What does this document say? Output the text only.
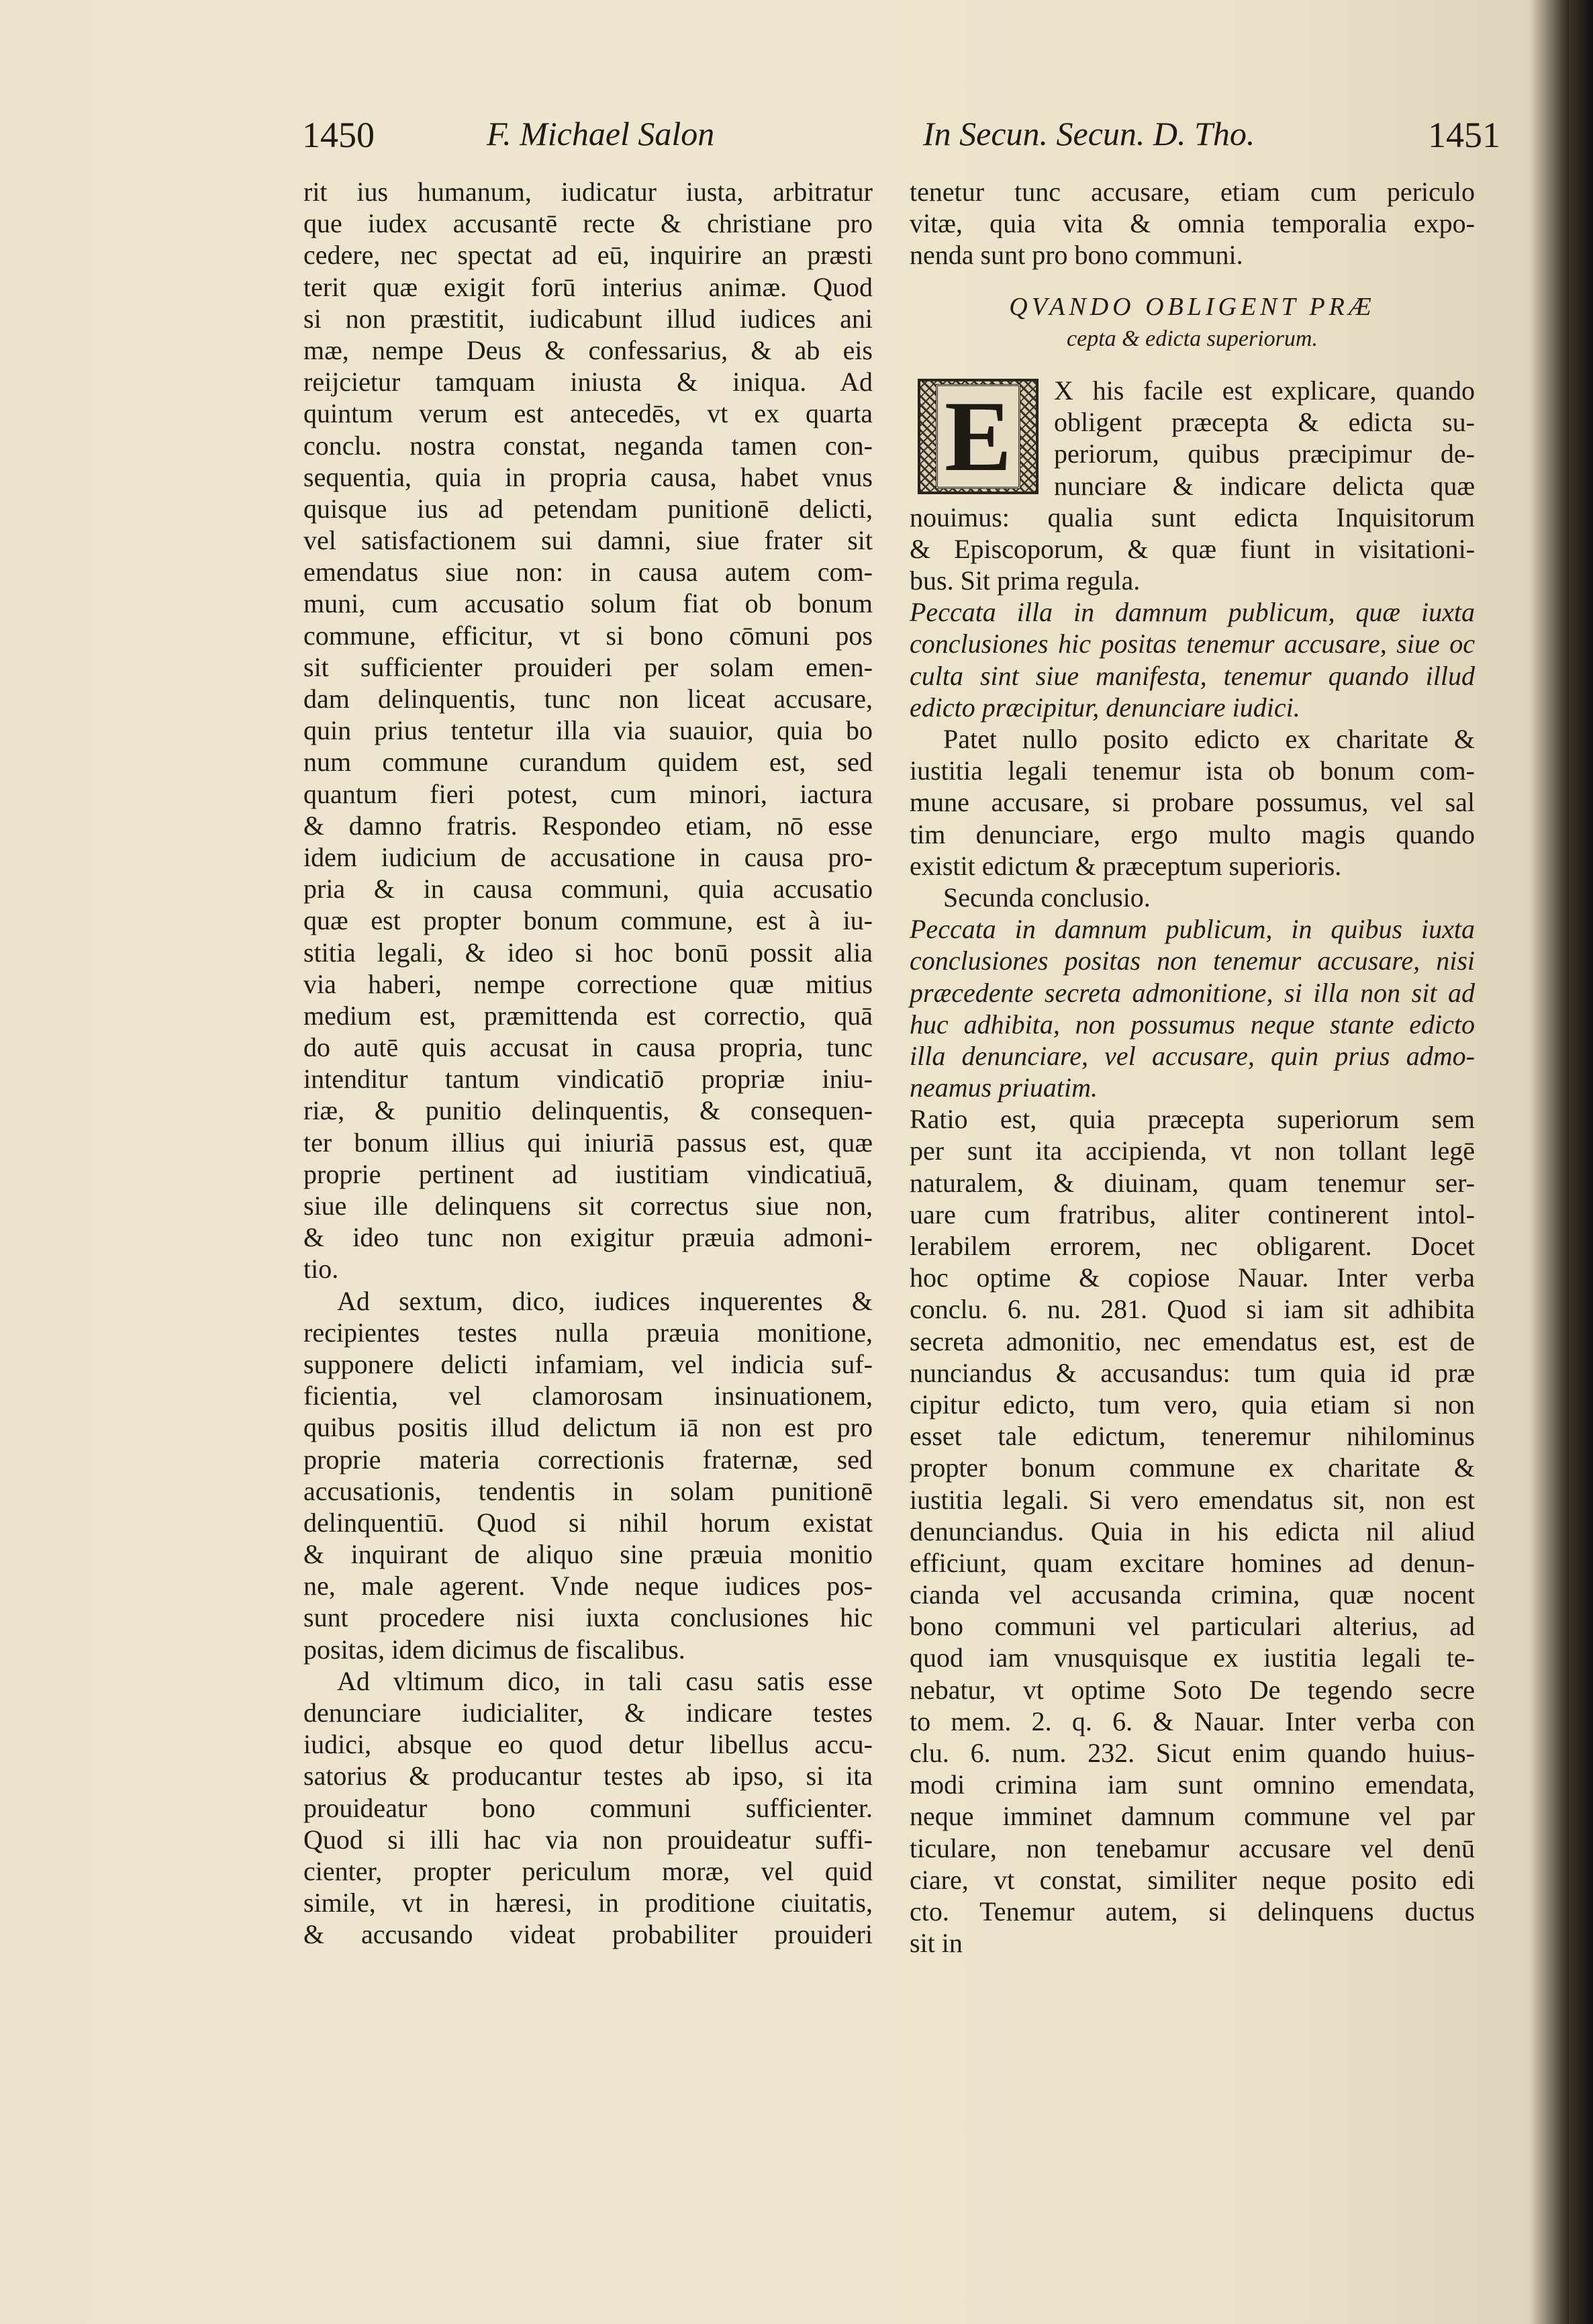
1450	F. Michael Salon	In Secun. Secun. D. Tho.	1451
rit ius humanum, iudicatur iusta, arbitratur
que iudex accusantē recte & christiane pro
cedere, nec spectat ad eū, inquirire an præsti
terit quæ exigit forū interius animæ. Quod
si non præstitit, iudicabunt illud iudices ani
mæ, nempe Deus & confessarius, & ab eis
reijcietur tamquam iniusta & iniqua. Ad
quintum verum est antecedēs, vt ex quarta
conclu. nostra constat, neganda tamen con-
sequentia, quia in propria causa, habet vnus
quisque ius ad petendam punitionē delicti,
vel satisfactionem sui damni, siue frater sit
emendatus siue non: in causa autem com-
muni, cum accusatio solum fiat ob bonum
commune, efficitur, vt si bono cōmuni pos
sit sufficienter prouideri per solam emen-
dam delinquentis, tunc non liceat accusare,
quin prius tentetur illa via suauior, quia bo
num commune curandum quidem est, sed
quantum fieri potest, cum minori, iactura
& damno fratris. Respondeo etiam, nō esse
idem iudicium de accusatione in causa pro-
pria & in causa communi, quia accusatio
quæ est propter bonum commune, est à iu-
stitia legali, & ideo si hoc bonū possit alia
via haberi, nempe correctione quæ mitius
medium est, præmittenda est correctio, quā
do autē quis accusat in causa propria, tunc
intenditur tantum vindicatiō propriæ iniu-
riæ, & punitio delinquentis, & consequen-
ter bonum illius qui iniuriā passus est, quæ
proprie pertinent ad iustitiam vindicatiuā,
siue ille delinquens sit correctus siue non,
& ideo tunc non exigitur præuia admoni-
tio.
Ad sextum, dico, iudices inquerentes &
recipientes testes nulla præuia monitione,
supponere delicti infamiam, vel indicia suf-
ficientia, vel clamorosam insinuationem,
quibus positis illud delictum iā non est pro
proprie materia correctionis fraternæ, sed
accusationis, tendentis in solam punitionē
delinquentiū. Quod si nihil horum existat
& inquirant de aliquo sine præuia monitio
ne, male agerent. Vnde neque iudices pos-
sunt procedere nisi iuxta conclusiones hic
positas, idem dicimus de fiscalibus.
Ad vltimum dico, in tali casu satis esse
denunciare iudicialiter, & indicare testes
iudici, absque eo quod detur libellus accu-
satorius & producantur testes ab ipso, si ita
prouideatur bono communi sufficienter.
Quod si illi hac via non prouideatur suffi-
cienter, propter periculum moræ, vel quid
simile, vt in hæresi, in proditione ciuitatis,
& accusando videat probabiliter prouideri
tenetur tunc accusare, etiam cum periculo
vitæ, quia vita & omnia temporalia expo-
nenda sunt pro bono communi.
QVANDO OBLIGENT PRÆ
cepta & edicta superiorum.
E	X his facile est explicare, quando
obligent præcepta & edicta su-
periorum, quibus præcipimur de-
nunciare & indicare delicta quæ
nouimus: qualia sunt edicta Inquisitorum
& Episcoporum, & quæ fiunt in visitationi-
bus. Sit prima regula.
Peccata illa in damnum publicum, quæ iuxta
conclusiones hic positas tenemur accusare, siue oc
culta sint siue manifesta, tenemur quando illud
edicto præcipitur, denunciare iudici.
Patet nullo posito edicto ex charitate &
iustitia legali tenemur ista ob bonum com-
mune accusare, si probare possumus, vel sal
tim denunciare, ergo multo magis quando
existit edictum & præceptum superioris.
Secunda conclusio.
Peccata in damnum publicum, in quibus iuxta
conclusiones positas non tenemur accusare, nisi
præcedente secreta admonitione, si illa non sit ad
huc adhibita, non possumus neque stante edicto
illa denunciare, vel accusare, quin prius admo-
neamus priuatim.
Ratio est, quia præcepta superiorum sem
per sunt ita accipienda, vt non tollant legē
naturalem, & diuinam, quam tenemur ser-
uare cum fratribus, aliter continerent intol-
lerabilem errorem, nec obligarent. Docet
hoc optime & copiose Nauar. Inter verba
conclu. 6. nu. 281. Quod si iam sit adhibita
secreta admonitio, nec emendatus est, est de
nunciandus & accusandus: tum quia id præ
cipitur edicto, tum vero, quia etiam si non
esset tale edictum, teneremur nihilominus
propter bonum commune ex charitate &
iustitia legali. Si vero emendatus sit, non est
denunciandus. Quia in his edicta nil aliud
efficiunt, quam excitare homines ad denun-
cianda vel accusanda crimina, quæ nocent
bono communi vel particulari alterius, ad
quod iam vnusquisque ex iustitia legali te-
nebatur, vt optime Soto De tegendo secre
to mem. 2. q. 6. & Nauar. Inter verba con
clu. 6. num. 232. Sicut enim quando huius-
modi crimina iam sunt omnino emendata,
neque imminet damnum commune vel par
ticulare, non tenebamur accusare vel denū
ciare, vt constat, similiter neque posito edi
cto. Tenemur autem, si delinquens ductus
sit in
